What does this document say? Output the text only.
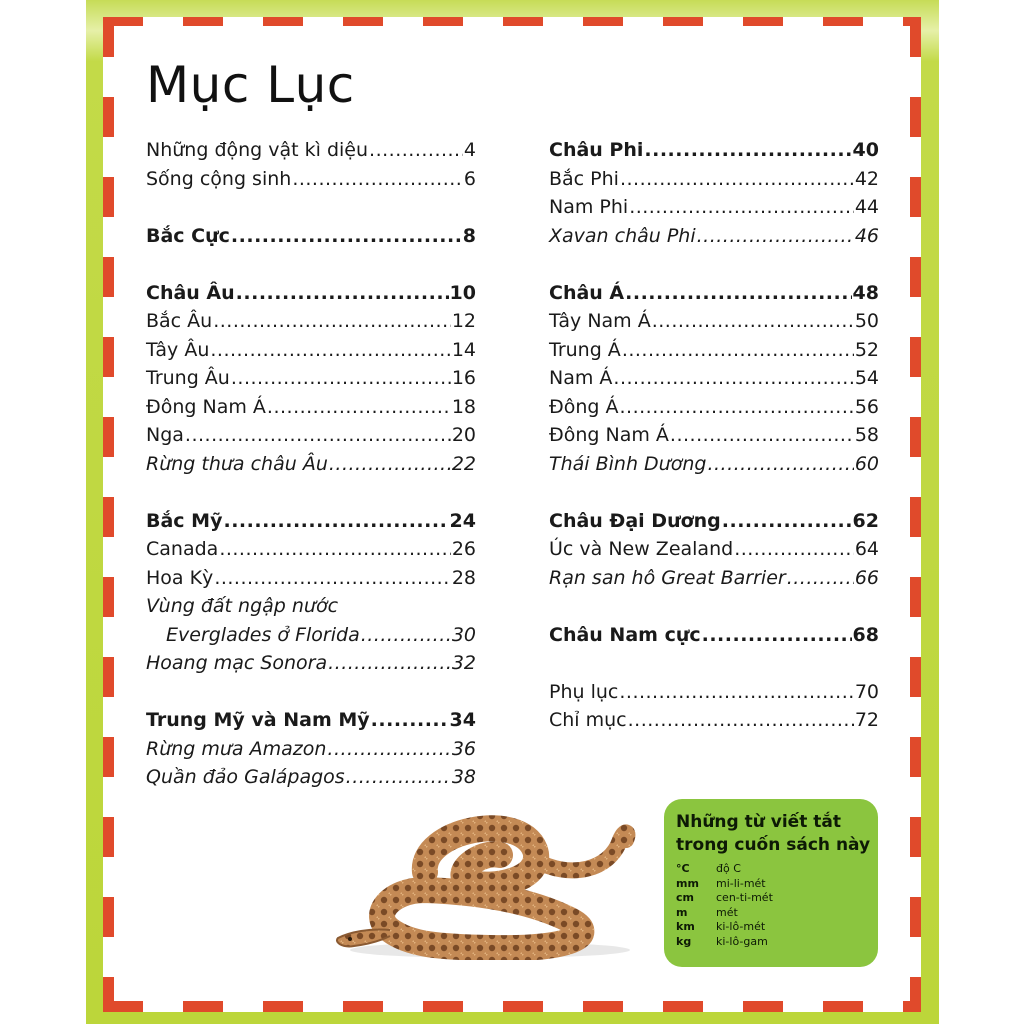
Mục Lục
Những động vật kì diệu .....	4
Sống cộng sinh .....	6
Bắc Cực .....	8
Châu Âu .....	10
Bắc Âu .....	12
Tây Âu .....	14
Trung Âu .....	16
Đông Nam Á .....	18
Nga .....	20
Rừng thưa châu Âu .....	22
Bắc Mỹ .....	24
Canada .....	26
Hoa Kỳ .....	28
Vùng đất ngập nước
Everglades ở Florida .....	30
Hoang mạc Sonora .....	32
Trung Mỹ và Nam Mỹ .....	34
Rừng mưa Amazon .....	36
Quần đảo Galápagos .....	38
Châu Phi .....	40
Bắc Phi .....	42
Nam Phi .....	44
Xavan châu Phi .....	46
Châu Á .....	48
Tây Nam Á .....	50
Trung Á .....	52
Nam Á .....	54
Đông Á .....	56
Đông Nam Á .....	58
Thái Bình Dương .....	60
Châu Đại Dương .....	62
Úc và New Zealand .....	64
Rạn san hô Great Barrier .....	66
Châu Nam cực .....	68
Phụ lục .....	70
Chỉ mục .....	72
Những từ viết tắt trong cuốn sách này
°C	độ C
mm	mi-li-mét
cm	cen-ti-mét
m	mét
km	ki-lô-mét
kg	ki-lô-gam
